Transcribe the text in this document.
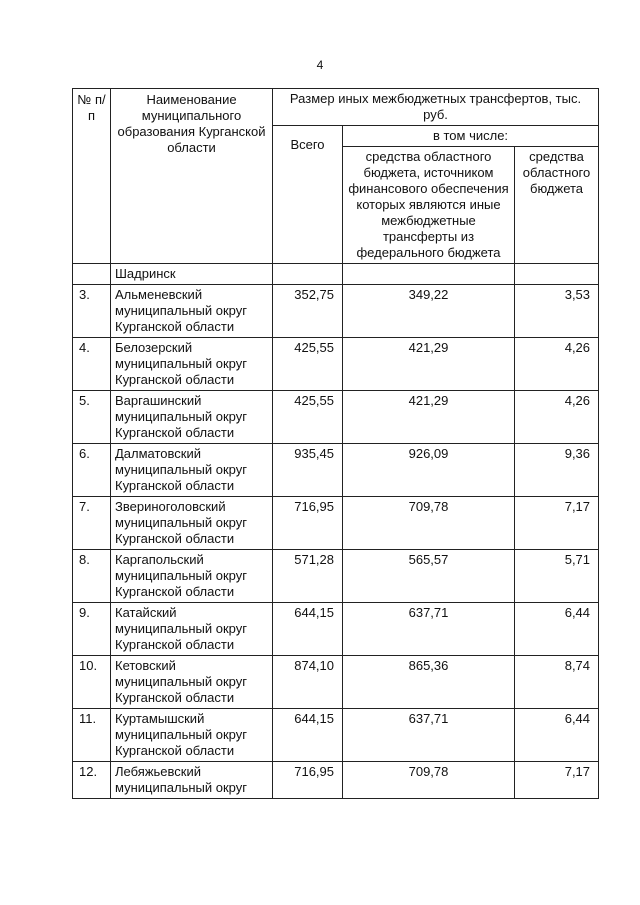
4
№ п/п	Наименование муниципального образования Курганской области	Размер иных межбюджетных трансфертов, тыс. руб.		
		Всего	в том числе:	
			средства областного бюджета, источником финансового обеспечения которых являются иные межбюджетные трансферты из федерального бюджета	средства областного бюджета
	Шадринск			
3.	Альменевский муниципальный округ Курганской области	352,75	349,22	3,53
4.	Белозерский муниципальный округ Курганской области	425,55	421,29	4,26
5.	Варгашинский муниципальный округ Курганской области	425,55	421,29	4,26
6.	Далматовский муниципальный округ Курганской области	935,45	926,09	9,36
7.	Звериноголовский муниципальный округ Курганской области	716,95	709,78	7,17
8.	Каргапольский муниципальный округ Курганской области	571,28	565,57	5,71
9.	Катайский муниципальный округ Курганской области	644,15	637,71	6,44
10.	Кетовский муниципальный округ Курганской области	874,10	865,36	8,74
11.	Куртамышский муниципальный округ Курганской области	644,15	637,71	6,44
12.	Лебяжьевский муниципальный округ	716,95	709,78	7,17
